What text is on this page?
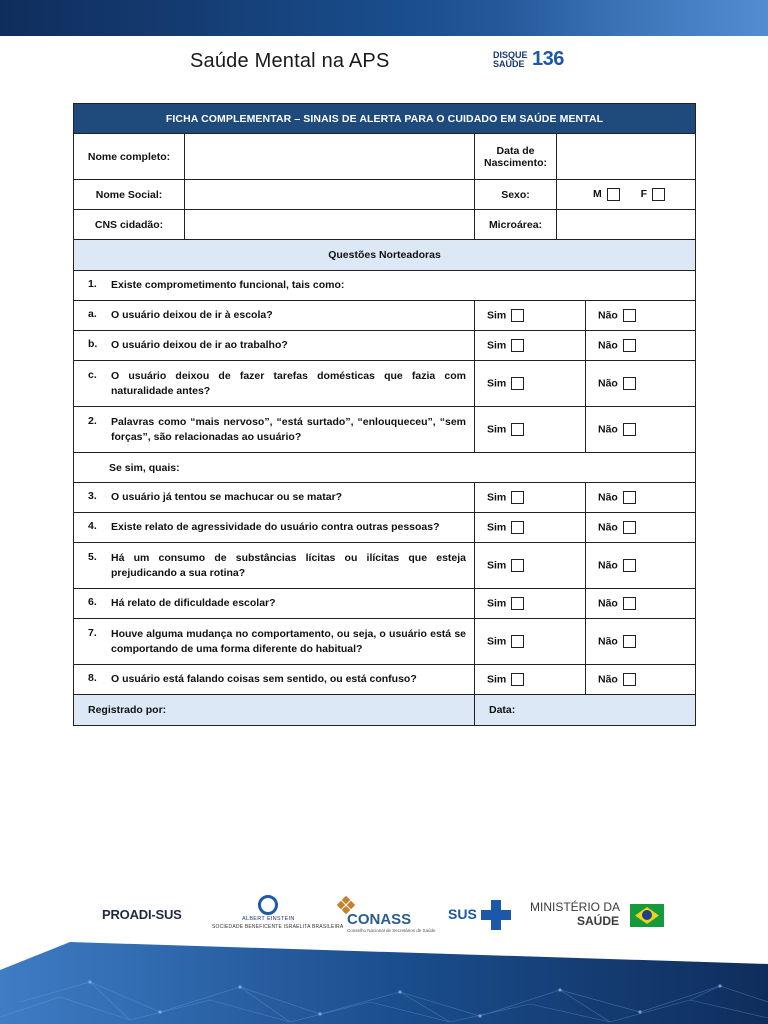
Saúde Mental na APS	DISQUE
SAÚDE 136
FICHA COMPLEMENTAR – SINAIS DE ALERTA PARA O CUIDADO EM SAÚDE MENTAL				
Nome completo:		Data de
Nascimento:		
Nome Social:		Sexo:	M F	
CNS cidadão:		Microárea:		
Questões Norteadoras				

1. Existe comprometimento funcional, tais como:				

a. O usuário deixou de ir à escola?		Sim		Não

b. O usuário deixou de ir ao trabalho?		Sim		Não

c. O usuário deixou de fazer tarefas domésticas que fazia com naturalidade antes?		Sim		Não

2. Palavras como “mais nervoso”, “está surtado”, “enlouqueceu”, “sem forças”, são relacionadas ao usuário?		Sim		Não
Se sim, quais:				

3. O usuário já tentou se machucar ou se matar?		Sim		Não

4. Existe relato de agressividade do usuário contra outras pessoas?		Sim		Não

5. Há um consumo de substâncias lícitas ou ilícitas que esteja prejudicando a sua rotina?		Sim		Não

6. Há relato de dificuldade escolar?		Sim		Não

7. Houve alguma mudança no comportamento, ou seja, o usuário está se comportando de uma forma diferente do habitual?		Sim		Não

8. O usuário está falando coisas sem sentido, ou está confuso?		Sim		Não
Registrado por:		Data:		
PROADI-SUS	ALBERT EINSTEIN
SOCIEDADE BENEFICENTE ISRAELITA BRASILEIRA CONASS
Conselho Nacional de Secretários de Saúde
SUS	MINISTÉRIO DA
SAÚDE
